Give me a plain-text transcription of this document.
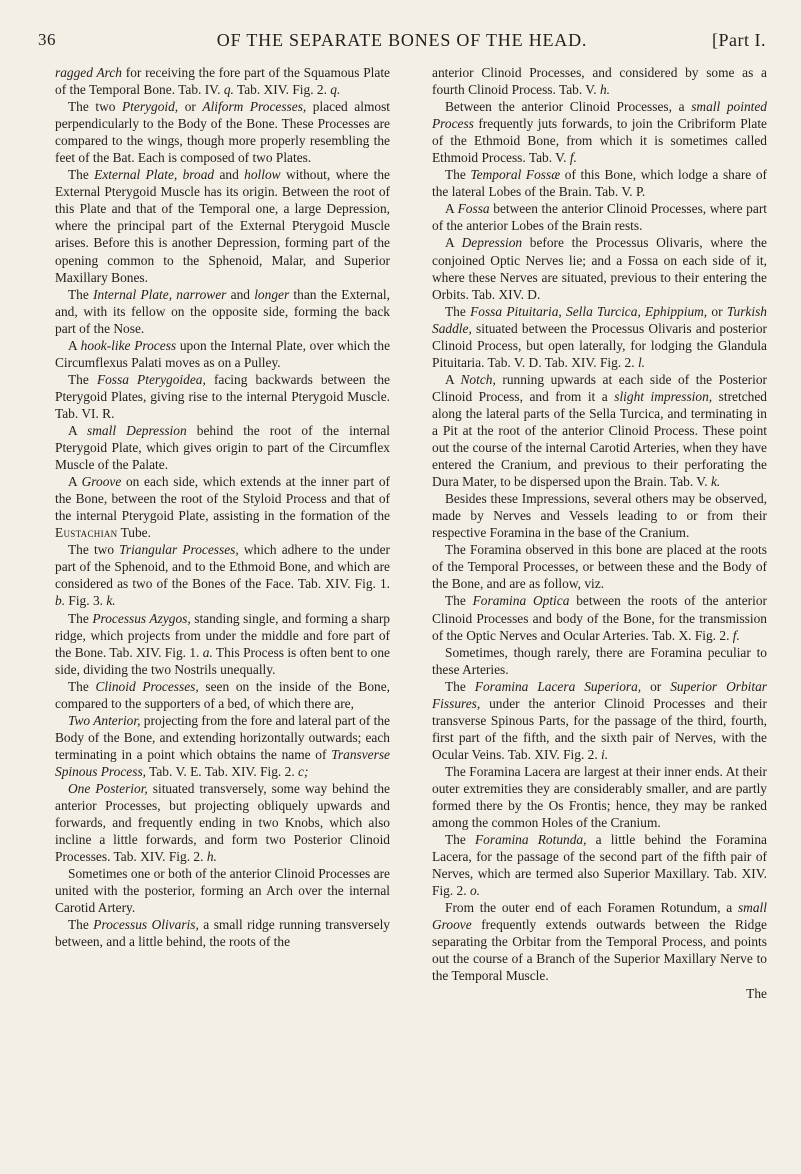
36	OF THE SEPARATE BONES OF THE HEAD.	[Part I.

ragged Arch for receiving the fore part of the Squamous Plate of the Temporal Bone. Tab. IV. q. Tab. XIV. Fig. 2. q.

The two Pterygoid, or Aliform Processes, placed almost perpendicularly to the Body of the Bone. These Processes are compared to the wings, though more properly resembling the feet of the Bat. Each is composed of two Plates.

The External Plate, broad and hollow without, where the External Pterygoid Muscle has its origin. Between the root of this Plate and that of the Temporal one, a large Depression, where the principal part of the External Pterygoid Muscle arises. Before this is another Depression, forming part of the opening common to the Sphenoid, Malar, and Superior Maxillary Bones.

The Internal Plate, narrower and longer than the External, and, with its fellow on the opposite side, forming the back part of the Nose.

A hook-like Process upon the Internal Plate, over which the Circumflexus Palati moves as on a Pulley.

The Fossa Pterygoidea, facing backwards between the Pterygoid Plates, giving rise to the internal Pterygoid Muscle. Tab. VI. R.

A small Depression behind the root of the internal Pterygoid Plate, which gives origin to part of the Circumflex Muscle of the Palate.

A Groove on each side, which extends at the inner part of the Bone, between the root of the Styloid Process and that of the internal Pterygoid Plate, assisting in the formation of the Eustachian Tube.

The two Triangular Processes, which adhere to the under part of the Sphenoid, and to the Ethmoid Bone, and which are considered as two of the Bones of the Face. Tab. XIV. Fig. 1. b. Fig. 3. k.

The Processus Azygos, standing single, and forming a sharp ridge, which projects from under the middle and fore part of the Bone. Tab. XIV. Fig. 1. a. This Process is often bent to one side, dividing the two Nostrils unequally.

The Clinoid Processes, seen on the inside of the Bone, compared to the supporters of a bed, of which there are,

Two Anterior, projecting from the fore and lateral part of the Body of the Bone, and extending horizontally outwards; each terminating in a point which obtains the name of Transverse Spinous Process, Tab. V. E. Tab. XIV. Fig. 2. c;

One Posterior, situated transversely, some way behind the anterior Processes, but projecting obliquely upwards and forwards, and frequently ending in two Knobs, which also incline a little forwards, and form two Posterior Clinoid Processes. Tab. XIV. Fig. 2. h.

Sometimes one or both of the anterior Clinoid Processes are united with the posterior, forming an Arch over the internal Carotid Artery.

The Processus Olivaris, a small ridge running transversely between, and a little behind, the roots of the

anterior Clinoid Processes, and considered by some as a fourth Clinoid Process. Tab. V. h.

Between the anterior Clinoid Processes, a small pointed Process frequently juts forwards, to join the Cribriform Plate of the Ethmoid Bone, from which it is sometimes called Ethmoid Process. Tab. V. f.

The Temporal Fossæ of this Bone, which lodge a share of the lateral Lobes of the Brain. Tab. V. P.

A Fossa between the anterior Clinoid Processes, where part of the anterior Lobes of the Brain rests.

A Depression before the Processus Olivaris, where the conjoined Optic Nerves lie; and a Fossa on each side of it, where these Nerves are situated, previous to their entering the Orbits. Tab. XIV. D.

The Fossa Pituitaria, Sella Turcica, Ephippium, or Turkish Saddle, situated between the Processus Olivaris and posterior Clinoid Process, but open laterally, for lodging the Glandula Pituitaria. Tab. V. D. Tab. XIV. Fig. 2. l.

A Notch, running upwards at each side of the Posterior Clinoid Process, and from it a slight impression, stretched along the lateral parts of the Sella Turcica, and terminating in a Pit at the root of the anterior Clinoid Process. These point out the course of the internal Carotid Arteries, when they have entered the Cranium, and previous to their perforating the Dura Mater, to be dispersed upon the Brain. Tab. V. k.

Besides these Impressions, several others may be observed, made by Nerves and Vessels leading to or from their respective Foramina in the base of the Cranium.

The Foramina observed in this bone are placed at the roots of the Temporal Processes, or between these and the Body of the Bone, and are as follow, viz.

The Foramina Optica between the roots of the anterior Clinoid Processes and body of the Bone, for the transmission of the Optic Nerves and Ocular Arteries. Tab. X. Fig. 2. f.

Sometimes, though rarely, there are Foramina peculiar to these Arteries.

The Foramina Lacera Superiora, or Superior Orbitar Fissures, under the anterior Clinoid Processes and their transverse Spinous Parts, for the passage of the third, fourth, first part of the fifth, and the sixth pair of Nerves, with the Ocular Veins. Tab. XIV. Fig. 2. i.

The Foramina Lacera are largest at their inner ends. At their outer extremities they are considerably smaller, and are partly formed there by the Os Frontis; hence, they may be ranked among the common Holes of the Cranium.

The Foramina Rotunda, a little behind the Foramina Lacera, for the passage of the second part of the fifth pair of Nerves, which are termed also Superior Maxillary. Tab. XIV. Fig. 2. o.

From the outer end of each Foramen Rotundum, a small Groove frequently extends outwards between the Ridge separating the Orbitar from the Temporal Process, and points out the course of a Branch of the Superior Maxillary Nerve to the Temporal Muscle.

The
